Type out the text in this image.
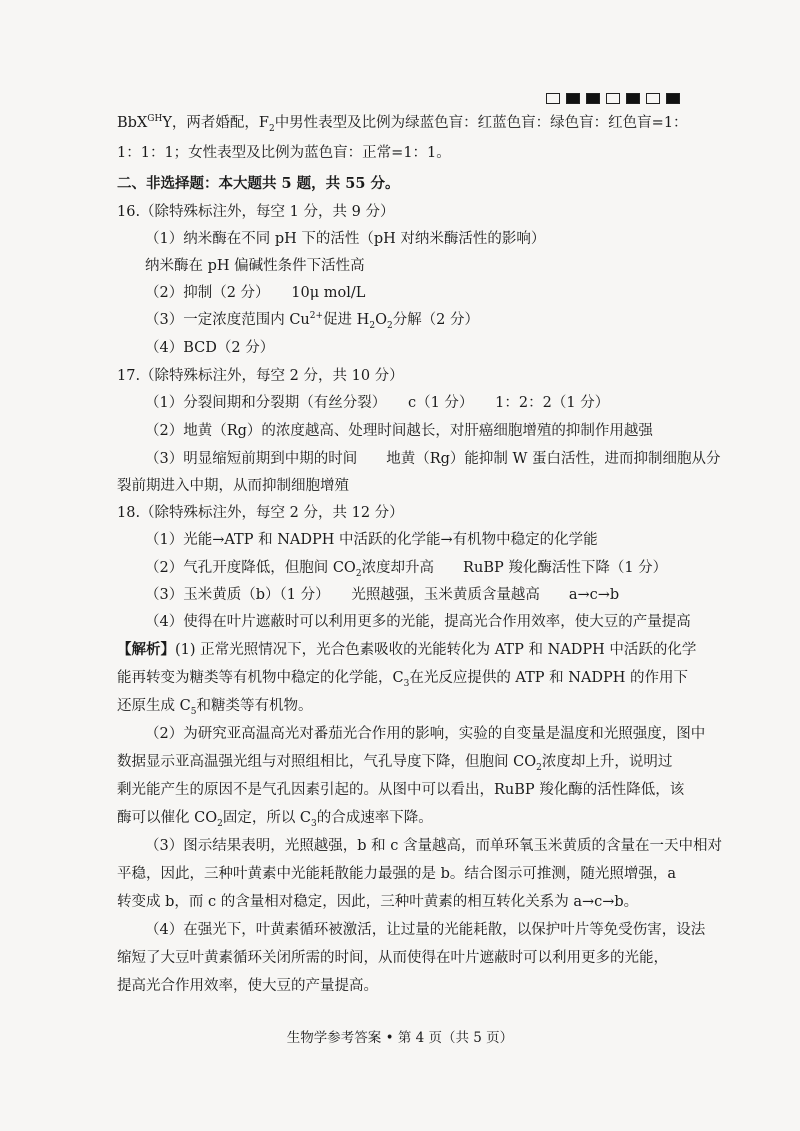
BbX$^{GH}$Y，两者婚配，$F_2$中男性表型及比例为绿蓝色盲：红蓝色盲：绿色盲：红色盲=1：
1：1：1；女性表型及比例为蓝色盲：正常=1：1。
二、非选择题：本大题共 5 题，共 55 分。
16.（除特殊标注外，每空 1 分，共 9 分）
（1）纳米酶在不同 pH 下的活性（pH 对纳米酶活性的影响）
纳米酶在 pH 偏碱性条件下活性高
（2）抑制（2 分）　　10μ mol/L
（3）一定浓度范围内 $Cu^{2+}$促进 $H_2O_2$分解（2 分）
（4）BCD（2 分）
17.（除特殊标注外，每空 2 分，共 10 分）
（1）分裂间期和分裂期（有丝分裂）　　c（1 分）　　1：2：2（1 分）
（2）地黄（Rg）的浓度越高、处理时间越长，对肝癌细胞增殖的抑制作用越强
（3）明显缩短前期到中期的时间　　地黄（Rg）能抑制 W 蛋白活性，进而抑制细胞从分
裂前期进入中期，从而抑制细胞增殖
18.（除特殊标注外，每空 2 分，共 12 分）
（1）光能→ATP 和 NADPH 中活跃的化学能→有机物中稳定的化学能
（2）气孔开度降低，但胞间 $CO_2$浓度却升高　　RuBP 羧化酶活性下降（1 分）
（3）玉米黄质（b）（1 分）　　光照越强，玉米黄质含量越高　　a→c→b
（4）使得在叶片遮蔽时可以利用更多的光能，提高光合作用效率，使大豆的产量提高
【解析】(1) 正常光照情况下，光合色素吸收的光能转化为 ATP 和 NADPH 中活跃的化学
能再转变为糖类等有机物中稳定的化学能，$C_3$在光反应提供的 ATP 和 NADPH 的作用下
还原生成 $C_5$和糖类等有机物。
（2）为研究亚高温高光对番茄光合作用的影响，实验的自变量是温度和光照强度，图中
数据显示亚高温强光组与对照组相比，气孔导度下降，但胞间 $CO_2$浓度却上升，说明过
剩光能产生的原因不是气孔因素引起的。从图中可以看出，RuBP 羧化酶的活性降低，该
酶可以催化 $CO_2$固定，所以 $C_3$的合成速率下降。
（3）图示结果表明，光照越强，b 和 c 含量越高，而单环氧玉米黄质的含量在一天中相对
平稳，因此，三种叶黄素中光能耗散能力最强的是 b。结合图示可推测，随光照增强，a
转变成 b，而 c 的含量相对稳定，因此，三种叶黄素的相互转化关系为 a→c→b。
（4）在强光下，叶黄素循环被激活，让过量的光能耗散，以保护叶片等免受伤害，设法
缩短了大豆叶黄素循环关闭所需的时间，从而使得在叶片遮蔽时可以利用更多的光能，
提高光合作用效率，使大豆的产量提高。
生物学参考答案 • 第 4 页（共 5 页）
